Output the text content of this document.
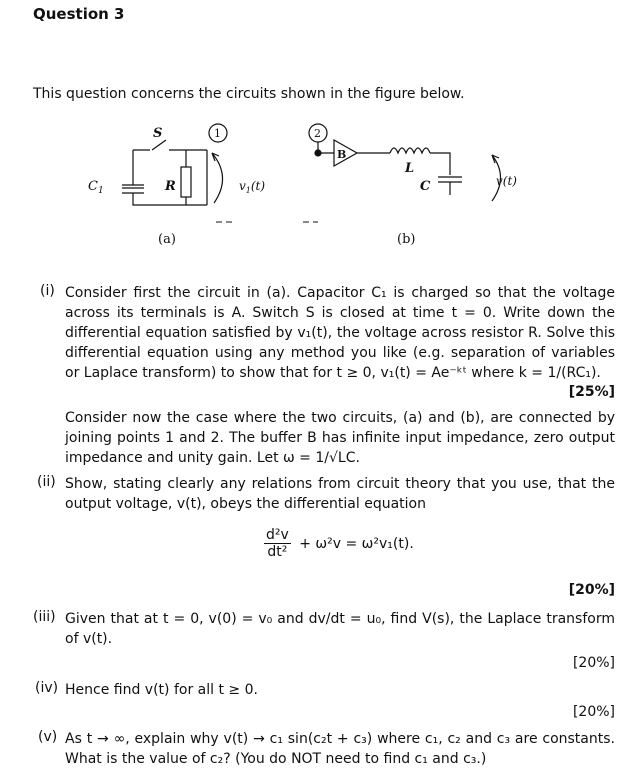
Question 3
This question concerns the circuits shown in the figure below.
$C_1$	R
S	1
$v_1(t)$
(a)
2
B
L
C	v(t)
(b)
(i) Consider first the circuit in (a). Capacitor C₁ is charged so that the voltage across its terminals is A. Switch S is closed at time t = 0. Write down the differential equation satisfied by v₁(t), the voltage across resistor R. Solve this differential equation using any method you like (e.g. separation of variables or Laplace transform) to show that for t ≥ 0, v₁(t) = Ae⁻ᵏᵗ where k = 1/(RC₁).
[25%]
Consider now the case where the two circuits, (a) and (b), are connected by joining points 1 and 2. The buffer B has infinite input impedance, zero output impedance and unity gain. Let ω = 1/√LC.
(ii) Show, stating clearly any relations from circuit theory that you use, that the output voltage, v(t), obeys the differential equation
$\frac{\text{d²v}}{\text{dt²}} + \omega^2v = \omega^2v_1(t)$.
[20%]
(iii) Given that at t = 0, v(0) = v₀ and dv/dt = u₀, find V(s), the Laplace transform of v(t).
[20%]
(iv) Hence find v(t) for all t ≥ 0.
[20%]
(v) As t → ∞, explain why v(t) → c₁ sin(c₂t + c₃) where c₁, c₂ and c₃ are constants. What is the value of c₂? (You do NOT need to find c₁ and c₃.)
